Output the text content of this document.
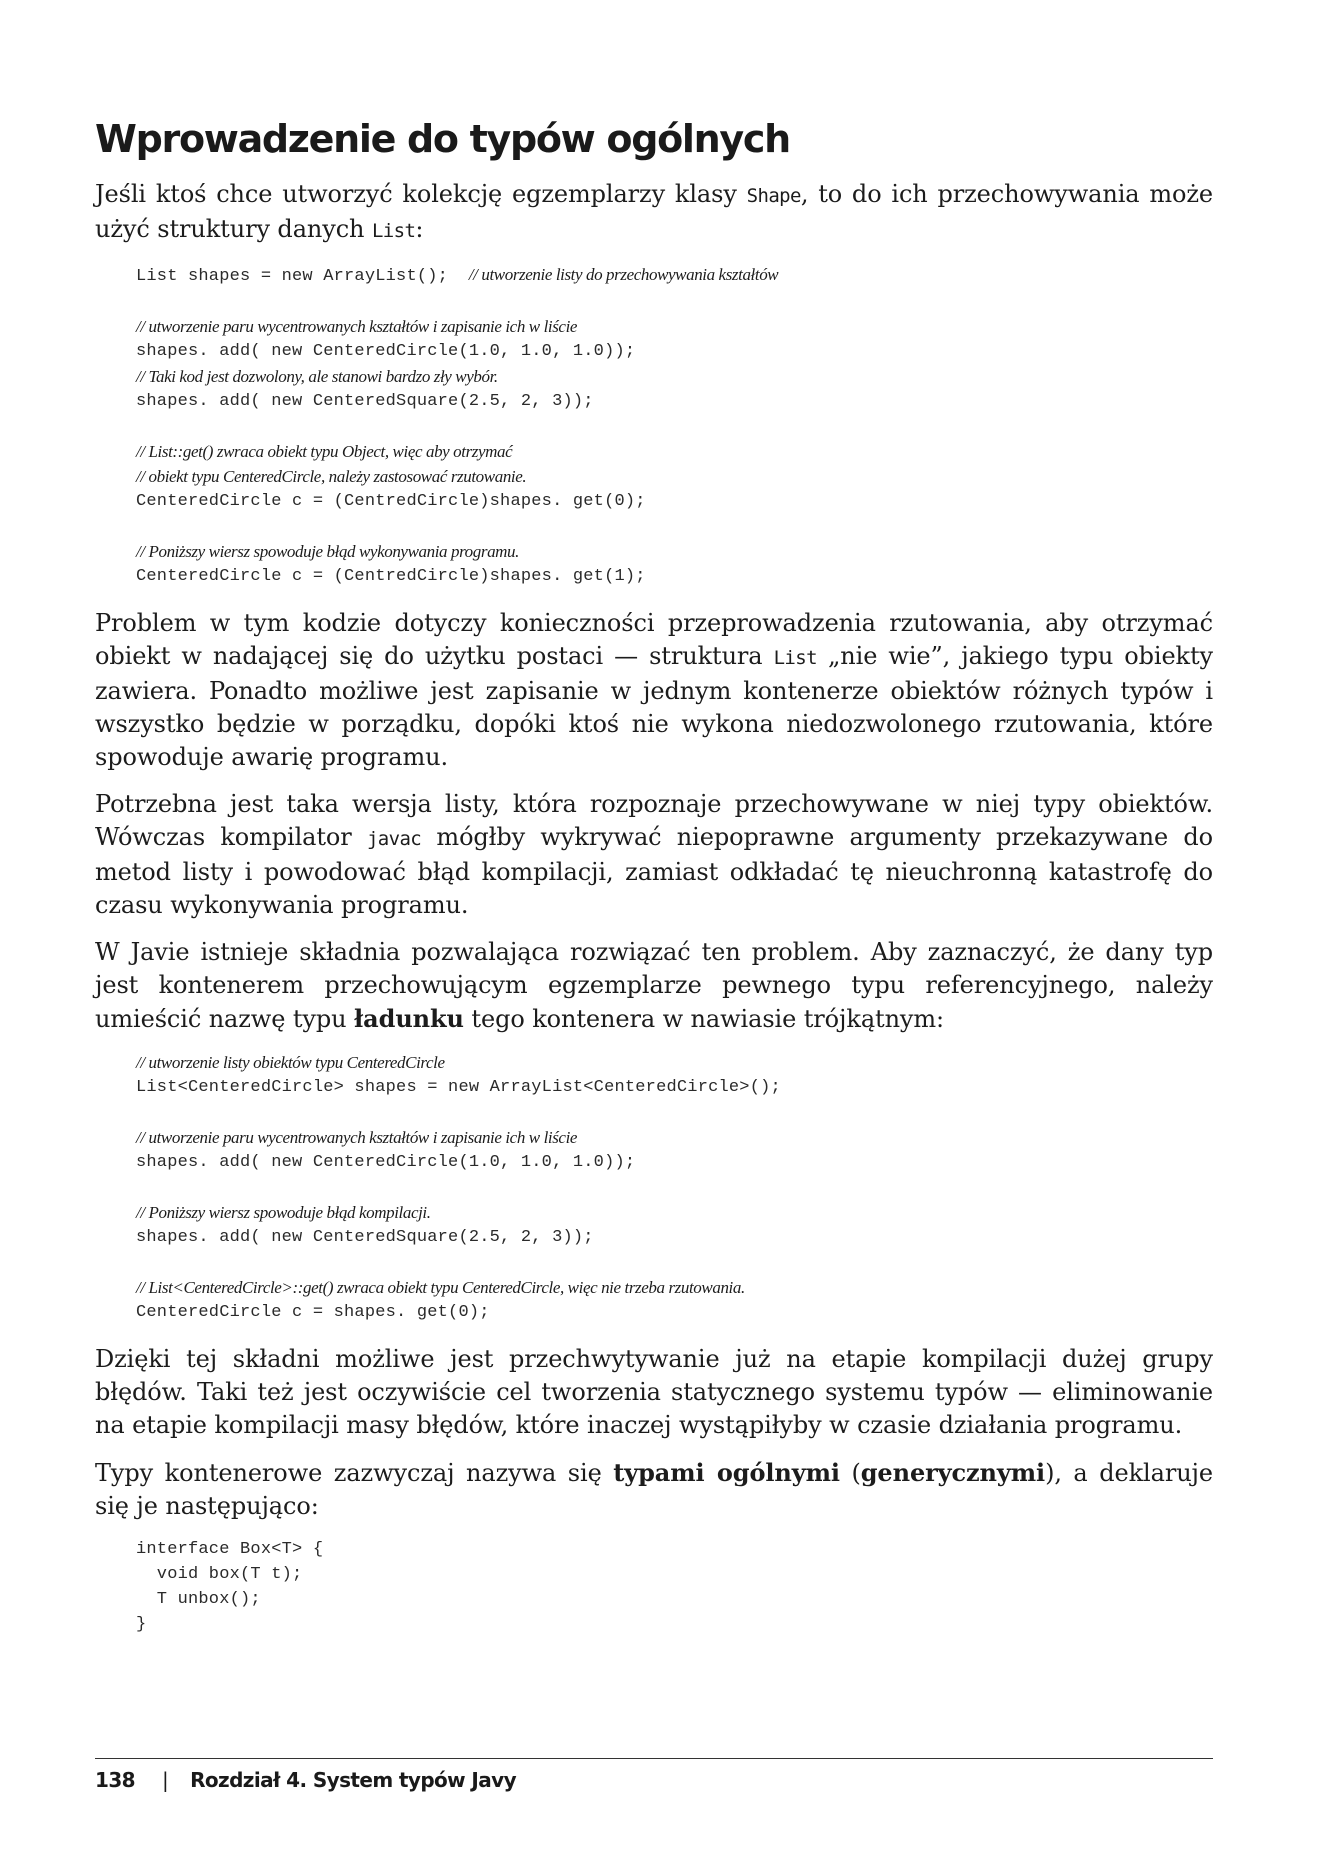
Wprowadzenie do typów ogólnych

Jeśli ktoś chce utworzyć kolekcję egzemplarzy klasy Shape, to do ich przechowywania może użyć struktury danych List:

List shapes = new ArrayList();  // utworzenie listy do przechowywania kształtów
// utworzenie paru wycentrowanych kształtów i zapisanie ich w liście
shapes. add( new CenteredCircle(1.0, 1.0, 1.0));
// Taki kod jest dozwolony, ale stanowi bardzo zły wybór.
shapes. add( new CenteredSquare(2.5, 2, 3));
// List::get() zwraca obiekt typu Object, więc aby otrzymać
// obiekt typu CenteredCircle, należy zastosować rzutowanie.
CenteredCircle c = (CentredCircle)shapes. get(0);
// Poniższy wiersz spowoduje błąd wykonywania programu.
CenteredCircle c = (CentredCircle)shapes. get(1);

Problem w tym kodzie dotyczy konieczności przeprowadzenia rzutowania, aby otrzymać obiekt w nadającej się do użytku postaci — struktura List „nie wie”, jakiego typu obiekty zawiera. Ponadto możliwe jest zapisanie w jednym kontenerze obiektów różnych typów i wszystko będzie w porządku, dopóki ktoś nie wykona niedozwolonego rzutowania, które spowoduje awarię programu.

Potrzebna jest taka wersja listy, która rozpoznaje przechowywane w niej typy obiektów. Wówczas kompilator javac mógłby wykrywać niepoprawne argumenty przekazywane do metod listy i powodować błąd kompilacji, zamiast odkładać tę nieuchronną katastrofę do czasu wykonywania programu.

W Javie istnieje składnia pozwalająca rozwiązać ten problem. Aby zaznaczyć, że dany typ jest kontenerem przechowującym egzemplarze pewnego typu referencyjnego, należy umieścić nazwę typu ładunku tego kontenera w nawiasie trójkątnym:

// utworzenie listy obiektów typu CenteredCircle
List<CenteredCircle> shapes = new ArrayList<CenteredCircle>();
// utworzenie paru wycentrowanych kształtów i zapisanie ich w liście
shapes. add( new CenteredCircle(1.0, 1.0, 1.0));
// Poniższy wiersz spowoduje błąd kompilacji.
shapes. add( new CenteredSquare(2.5, 2, 3));
// List<CenteredCircle>::get() zwraca obiekt typu CenteredCircle, więc nie trzeba rzutowania.
CenteredCircle c = shapes. get(0);

Dzięki tej składni możliwe jest przechwytywanie już na etapie kompilacji dużej grupy błędów. Taki też jest oczywiście cel tworzenia statycznego systemu typów — eliminowanie na etapie kompilacji masy błędów, które inaczej wystąpiłyby w czasie działania programu.

Typy kontenerowe zazwyczaj nazywa się typami ogólnymi (generycznymi), a deklaruje się je następująco:

interface Box<T> {
void box(T t);
T unbox();
}
138 | Rozdział 4. System typów Javy
